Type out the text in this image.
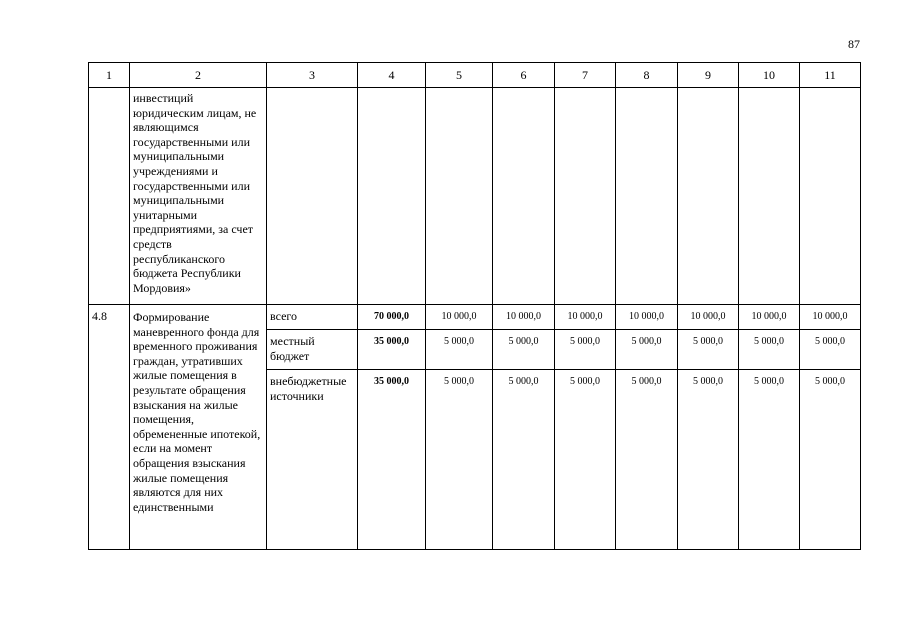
87
1	2	3	4	5	6	7	8	9	10	11
	инвестиций юридическим лицам, не являющимся государственными или муниципальными учреждениями и государственными или муниципальными унитарными предприятиями, за счет средств республиканского бюджета Республики Мордовия»									
4.8	Формирование маневренного фонда для временного проживания граждан, утративших жилые помещения в результате обращения взыскания на жилые помещения, обремененные ипотекой, если на момент обращения взыскания жилые помещения являются для них единственными	всего	70 000,0	10 000,0	10 000,0	10 000,0	10 000,0	10 000,0	10 000,0	10 000,0
		местный бюджет	35 000,0	5 000,0	5 000,0	5 000,0	5 000,0	5 000,0	5 000,0	5 000,0
		внебюджетные источники	35 000,0	5 000,0	5 000,0	5 000,0	5 000,0	5 000,0	5 000,0	5 000,0
